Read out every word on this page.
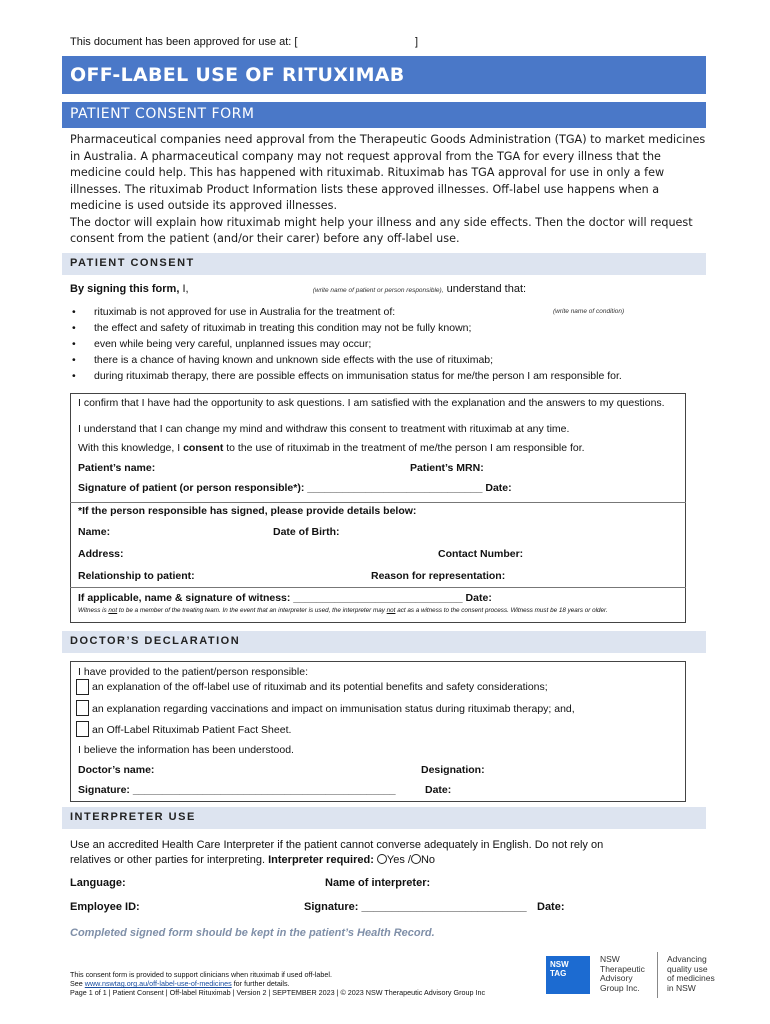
This document has been approved for use at: [	]
OFF-LABEL USE OF RITUXIMAB
PATIENT CONSENT FORM

Pharmaceutical companies need approval from the Therapeutic Goods Administration (TGA) to market medicines in Australia. A pharmaceutical company may not request approval from the TGA for every illness that the medicine could help. This has happened with rituximab. Rituximab has TGA approval for use in only a few illnesses. The rituximab Product Information lists these approved illnesses. Off-label use happens when a medicine is used outside its approved illnesses.

The doctor will explain how rituximab might help your illness and any side effects. Then the doctor will request consent from the patient (and/or their carer) before any off-label use.

PATIENT CONSENT
By signing this form, I,	(write name of patient or person responsible), understand that:
• rituximab is not approved for use in Australia for the treatment of:
• the effect and safety of rituximab in treating this condition may not be fully known;
• even while being very careful, unplanned issues may occur;
• there is a chance of having known and unknown side effects with the use of rituximab;
• during rituximab therapy, there are possible effects on immunisation status for me/the person I am responsible for.
(write name of condition)
I confirm that I have had the opportunity to ask questions. I am satisfied with the explanation and the answers to my questions.
I understand that I can change my mind and withdraw this consent to treatment with rituximab at any time.
With this knowledge, I consent to the use of rituximab in the treatment of me/the person I am responsible for.
Patient’s name:	Patient’s MRN:
Signature of patient (or person responsible*): ______________________________ Date:
*If the person responsible has signed, please provide details below:
Name:	Date of Birth:
Address:	Contact Number:
Relationship to patient:	Reason for representation:
If applicable, name & signature of witness: _____________________________ Date:
Witness is not to be a member of the treating team. In the event that an interpreter is used, the interpreter may not act as a witness to the consent process. Witness must be 18 years or older.
DOCTOR’S DECLARATION
I have provided to the patient/person responsible:
an explanation of the off-label use of rituximab and its potential benefits and safety considerations;
an explanation regarding vaccinations and impact on immunisation status during rituximab therapy; and,
an Off-Label Rituximab Patient Fact Sheet.
I believe the information has been understood.
Doctor’s name:	Designation:
Signature: _____________________________________________	Date:
INTERPRETER USE
Use an accredited Health Care Interpreter if the patient cannot converse adequately in English. Do not rely on
relatives or other parties for interpreting. Interpreter required: Yes / No
Language:	Name of interpreter:
Employee ID:	Signature: ___________________________ Date:
Completed signed form should be kept in the patient’s Health Record.
This consent form is provided to support clinicians when rituximab if used off-label.
See www.nswtag.org.au/off-label-use-of-medicines for further details.
Page 1 of 1 | Patient Consent | Off-label Rituximab | Version 2 | SEPTEMBER 2023 | © 2023 NSW Therapeutic Advisory Group Inc
NSW
TAG
NSW
Therapeutic
Advisory
Group Inc.
Advancing
quality use
of medicines
in NSW
